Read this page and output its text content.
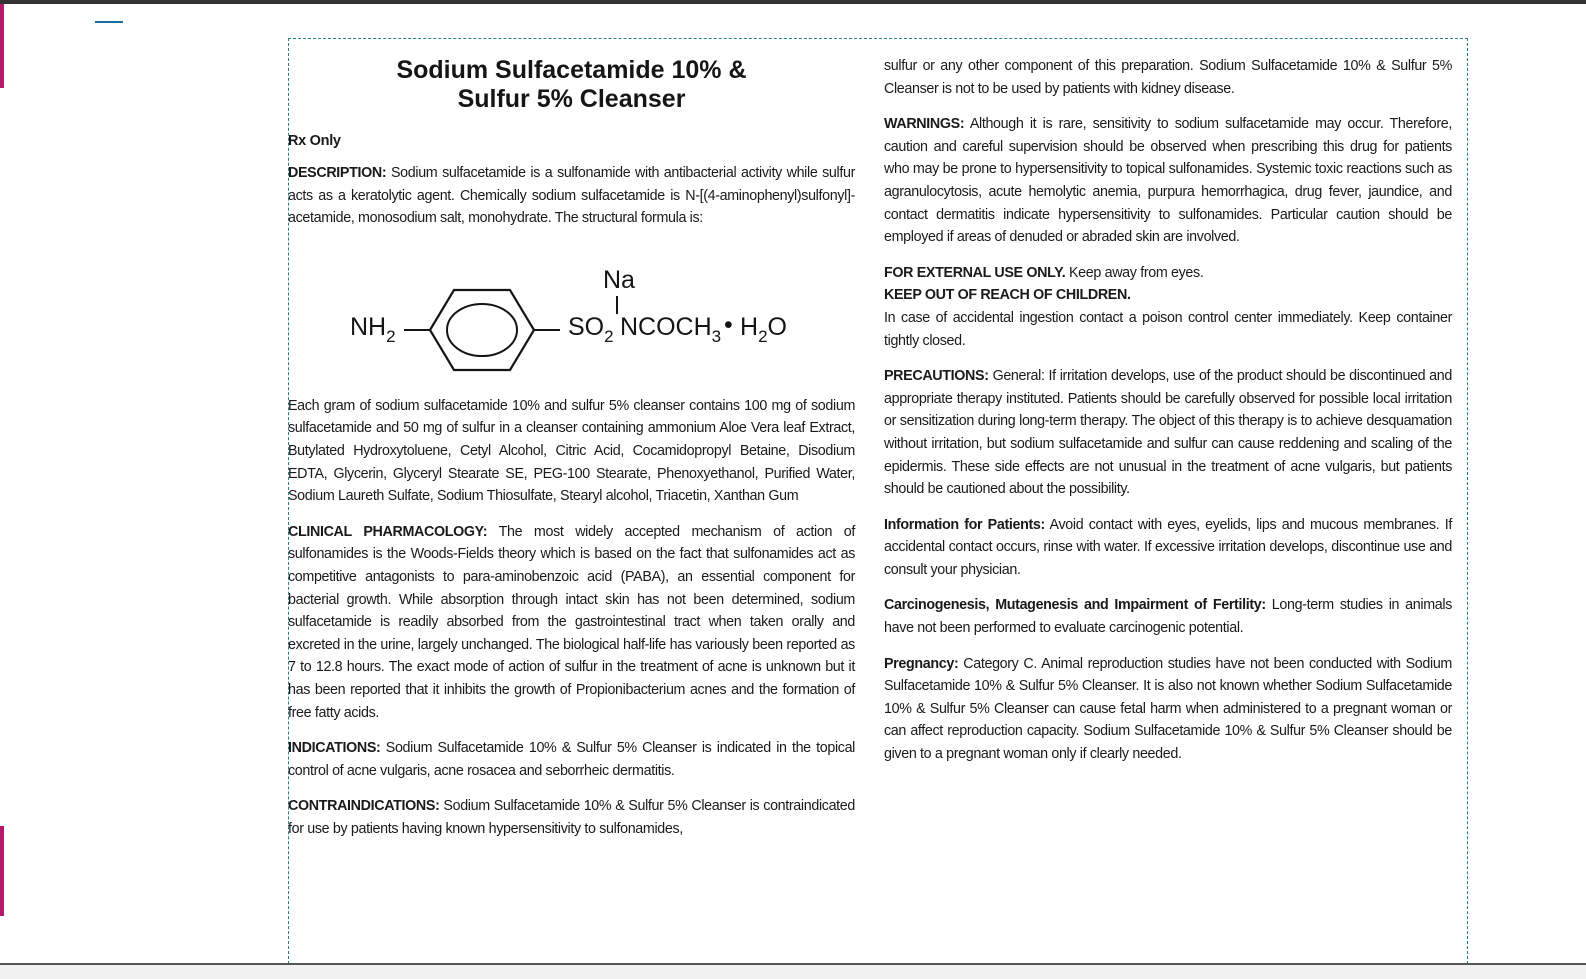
Sodium Sulfacetamide 10% &
Sulfur 5% Cleanser
Rx Only

DESCRIPTION: Sodium sulfacetamide is a sulfonamide with antibacterial activity while sulfur acts as a keratolytic agent. Chemically sodium sulfacetamide is N-[(4-aminophenyl)sulfonyl]-acetamide, monosodium salt, monohydrate. The structural formula is:

Na
$NH_2$	$SO_2$ $NCOCH_3$ • $H_2O$

Each gram of sodium sulfacetamide 10% and sulfur 5% cleanser contains 100 mg of sodium sulfacetamide and 50 mg of sulfur in a cleanser containing ammonium Aloe Vera leaf Extract, Butylated Hydroxytoluene, Cetyl Alcohol, Citric Acid, Cocamidopropyl Betaine, Disodium EDTA, Glycerin, Glyceryl Stearate SE, PEG-100 Stearate, Phenoxyethanol, Purified Water, Sodium Laureth Sulfate, Sodium Thiosulfate, Stearyl alcohol, Triacetin, Xanthan Gum

CLINICAL PHARMACOLOGY: The most widely accepted mechanism of action of sulfonamides is the Woods-Fields theory which is based on the fact that sulfonamides act as competitive antagonists to para-aminobenzoic acid (PABA), an essential component for bacterial growth. While absorption through intact skin has not been determined, sodium sulfacetamide is readily absorbed from the gastrointestinal tract when taken orally and excreted in the urine, largely unchanged. The biological half-life has variously been reported as 7 to 12.8 hours. The exact mode of action of sulfur in the treatment of acne is unknown but it has been reported that it inhibits the growth of Propionibacterium acnes and the formation of free fatty acids.

INDICATIONS: Sodium Sulfacetamide 10% & Sulfur 5% Cleanser is indicated in the topical control of acne vulgaris, acne rosacea and seborrheic dermatitis.

CONTRAINDICATIONS: Sodium Sulfacetamide 10% & Sulfur 5% Cleanser is contraindicated for use by patients having known hypersensitivity to sulfonamides,

sulfur or any other component of this preparation. Sodium Sulfacetamide 10% & Sulfur 5% Cleanser is not to be used by patients with kidney disease.

WARNINGS: Although it is rare, sensitivity to sodium sulfacetamide may occur. Therefore, caution and careful supervision should be observed when prescribing this drug for patients who may be prone to hypersensitivity to topical sulfonamides. Systemic toxic reactions such as agranulocytosis, acute hemolytic anemia, purpura hemorrhagica, drug fever, jaundice, and contact dermatitis indicate hypersensitivity to sulfonamides. Particular caution should be employed if areas of denuded or abraded skin are involved.

FOR EXTERNAL USE ONLY. Keep away from eyes.

KEEP OUT OF REACH OF CHILDREN.

In case of accidental ingestion contact a poison control center immediately. Keep container tightly closed.

PRECAUTIONS: General: If irritation develops, use of the product should be discontinued and appropriate therapy instituted. Patients should be carefully observed for possible local irritation or sensitization during long-term therapy. The object of this therapy is to achieve desquamation without irritation, but sodium sulfacetamide and sulfur can cause reddening and scaling of the epidermis. These side effects are not unusual in the treatment of acne vulgaris, but patients should be cautioned about the possibility.

Information for Patients: Avoid contact with eyes, eyelids, lips and mucous membranes. If accidental contact occurs, rinse with water. If excessive irritation develops, discontinue use and consult your physician.

Carcinogenesis, Mutagenesis and Impairment of Fertility: Long-term studies in animals have not been performed to evaluate carcinogenic potential.

Pregnancy: Category C. Animal reproduction studies have not been conducted with Sodium Sulfacetamide 10% & Sulfur 5% Cleanser. It is also not known whether Sodium Sulfacetamide 10% & Sulfur 5% Cleanser can cause fetal harm when administered to a pregnant woman or can affect reproduction capacity. Sodium Sulfacetamide 10% & Sulfur 5% Cleanser should be given to a pregnant woman only if clearly needed.
